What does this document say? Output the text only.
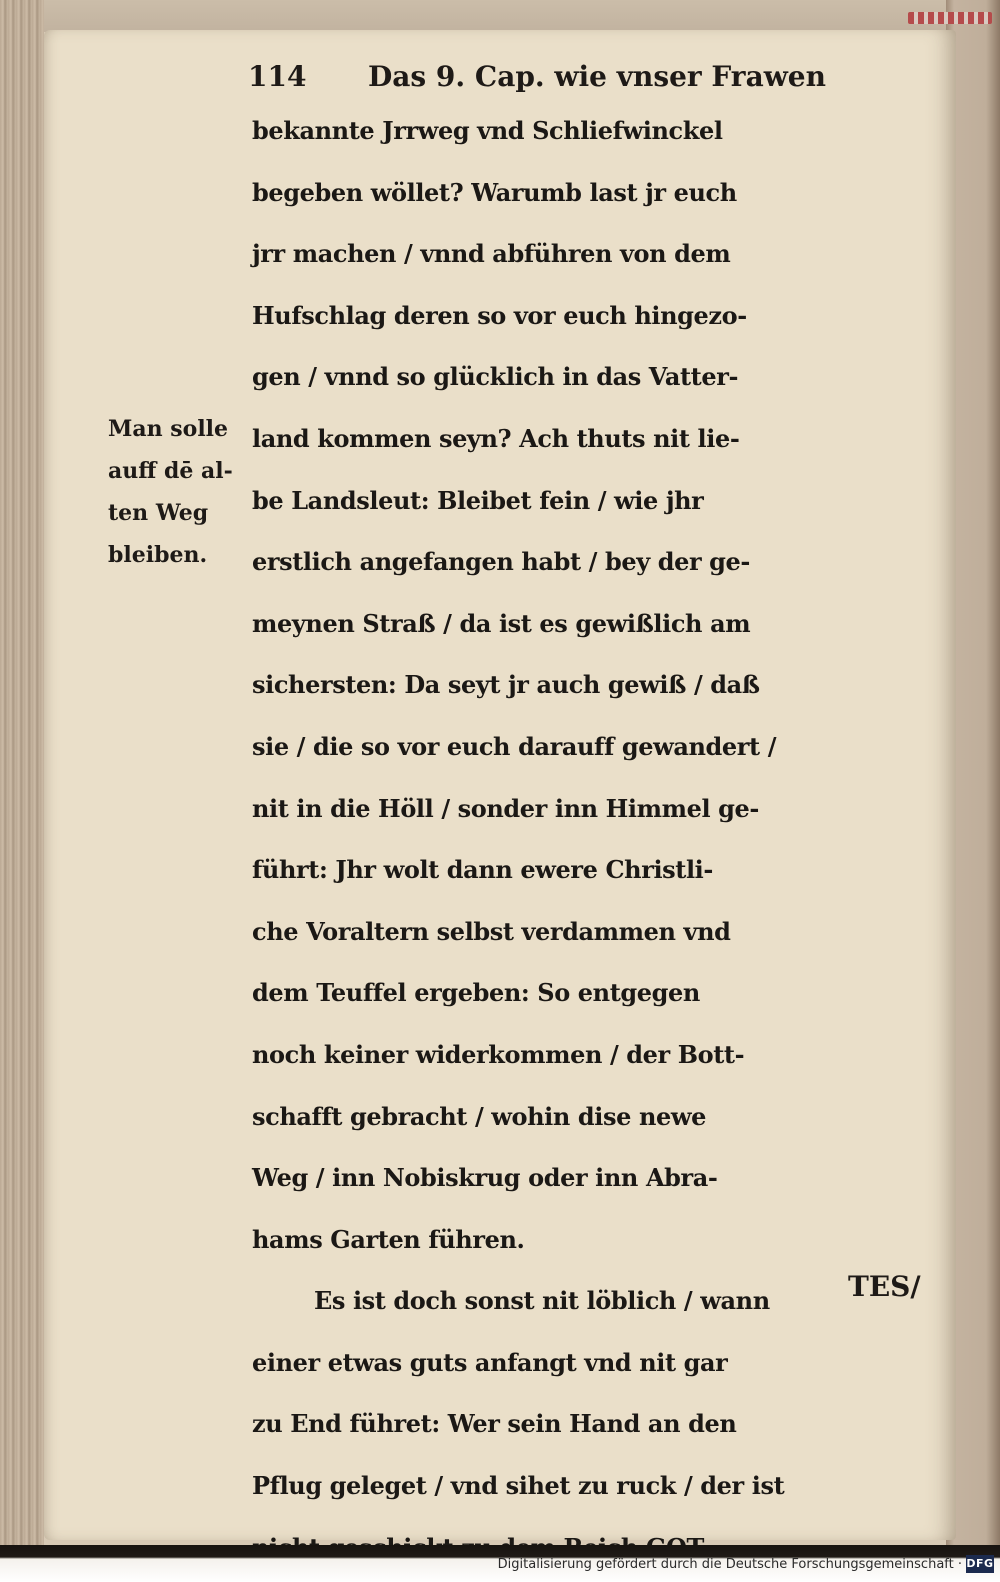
114 Das 9. Cap. wie vnser Frawen
Man solle
auff dē al-
ten Weg
bleiben.
bekannte Jrrweg vnd Schliefwinckel
begeben wöllet? Warumb last jr euch
jrr machen / vnnd abführen von dem
Hufschlag deren so vor euch hingezo-
gen / vnnd so glücklich in das Vatter-
land kommen seyn? Ach thuts nit lie-
be Landsleut: Bleibet fein / wie jhr
erstlich angefangen habt / bey der ge-
meynen Straß / da ist es gewißlich am
sichersten: Da seyt jr auch gewiß / daß
sie / die so vor euch darauff gewandert /
nit in die Höll / sonder inn Himmel ge-
führt: Jhr wolt dann ewere Christli-
che Voraltern selbst verdammen vnd
dem Teuffel ergeben: So entgegen
noch keiner widerkommen / der Bott-
schafft gebracht / wohin dise newe
Weg / inn Nobiskrug oder inn Abra-
hams Garten führen.
Es ist doch sonst nit löblich / wann
einer etwas guts anfangt vnd nit gar
zu End führet: Wer sein Hand an den
Pflug geleget / vnd sihet zu ruck / der ist
TES/
Digitalisierung gefördert durch die Deutsche Forschungsgemeinschaft · DFG
